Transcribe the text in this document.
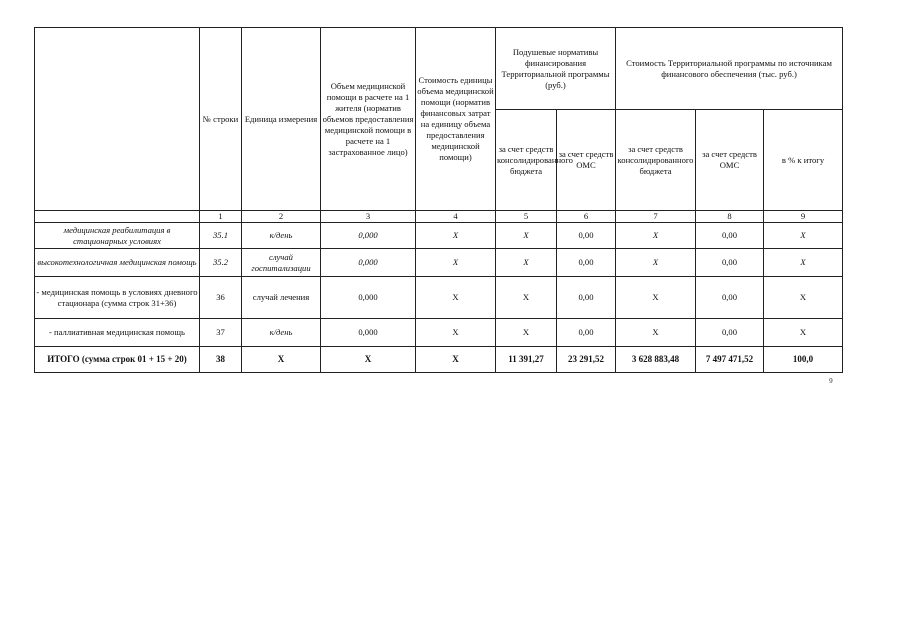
	№ строки	Единица измерения	Объем медицинской помощи в расчете на 1 жителя (норматив объемов предоставления медицинской помощи в расчете на 1 застрахованное лицо)	Стоимость единицы объема медицинской помощи (норматив финансовых затрат на единицу объема предоставления медицинской помощи)	Подушевые нормативы финансирования Территориальной программы (руб.)		Стоимость Территориальной программы по источникам финансового обеспечения (тыс. руб.)		
					за счет средств консолидированного бюджета	за счет средств ОМС	за счет средств консолидированного бюджета	за счет средств ОМС	в % к итогу
	1	2	3	4	5	6	7	8	9
медицинская реабилитация в стационарных условиях	35.1	к/день	0,000	Х	Х	0,00	Х	0,00	Х
высокотехнологичная медицинская помощь	35.2	случай госпитализации	0,000	Х	Х	0,00	Х	0,00	Х
- медицинская помощь в условиях дневного стационара (сумма строк 31+36)	36	случай лечения	0,000	Х	Х	0,00	Х	0,00	Х
- паллиативная медицинская помощь	37	к/день	0,000	Х	Х	0,00	Х	0,00	Х
ИТОГО (сумма строк 01 + 15 + 20)	38	Х	Х	Х	11 391,27	23 291,52	3 628 883,48	7 497 471,52	100,0
9
